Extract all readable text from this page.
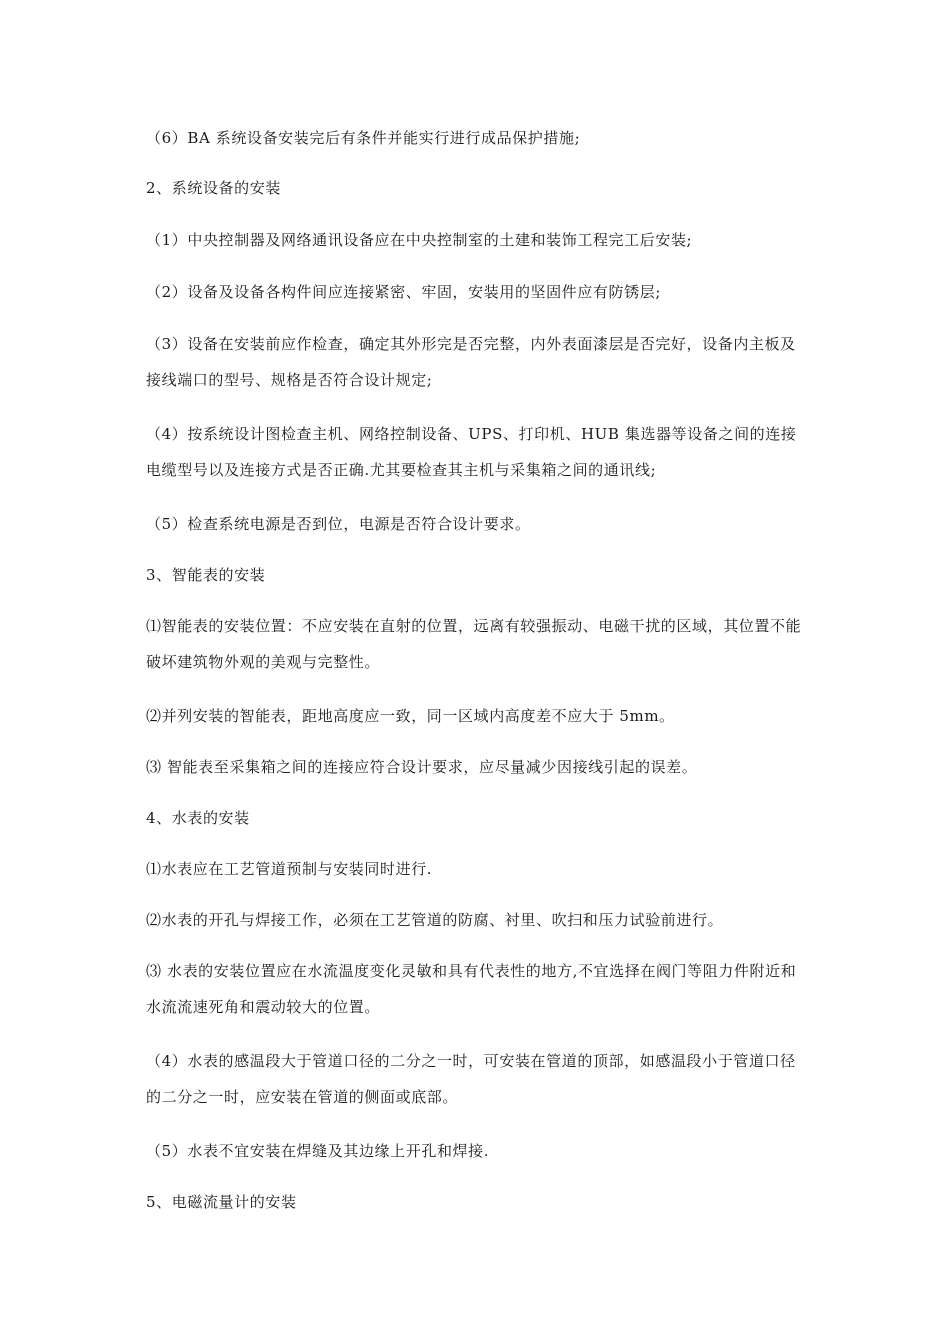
（6）BA 系统设备安装完后有条件并能实行进行成品保护措施;
2、系统设备的安装
（1）中央控制器及网络通讯设备应在中央控制室的土建和装饰工程完工后安装;
（2）设备及设备各构件间应连接紧密、牢固，安装用的坚固件应有防锈层;
（3）设备在安装前应作检查，确定其外形完是否完整，内外表面漆层是否完好，设备内主板及接线端口的型号、规格是否符合设计规定;
（4）按系统设计图检查主机、网络控制设备、UPS、打印机、HUB 集选器等设备之间的连接电缆型号以及连接方式是否正确.尤其要检查其主机与采集箱之间的通讯线;
（5）检查系统电源是否到位，电源是否符合设计要求。
3、智能表的安装
⑴智能表的安装位置：不应安装在直射的位置，远离有较强振动、电磁干扰的区域，其位置不能破坏建筑物外观的美观与完整性。
⑵并列安装的智能表，距地高度应一致，同一区域内高度差不应大于 5mm。
⑶ 智能表至采集箱之间的连接应符合设计要求，应尽量减少因接线引起的误差。
4、水表的安装
⑴水表应在工艺管道预制与安装同时进行.
⑵水表的开孔与焊接工作，必须在工艺管道的防腐、衬里、吹扫和压力试验前进行。
⑶ 水表的安装位置应在水流温度变化灵敏和具有代表性的地方,不宜选择在阀门等阻力件附近和水流流速死角和震动较大的位置。
（4）水表的感温段大于管道口径的二分之一时，可安装在管道的顶部，如感温段小于管道口径的二分之一时，应安装在管道的侧面或底部。
（5）水表不宜安装在焊缝及其边缘上开孔和焊接.
5、电磁流量计的安装
